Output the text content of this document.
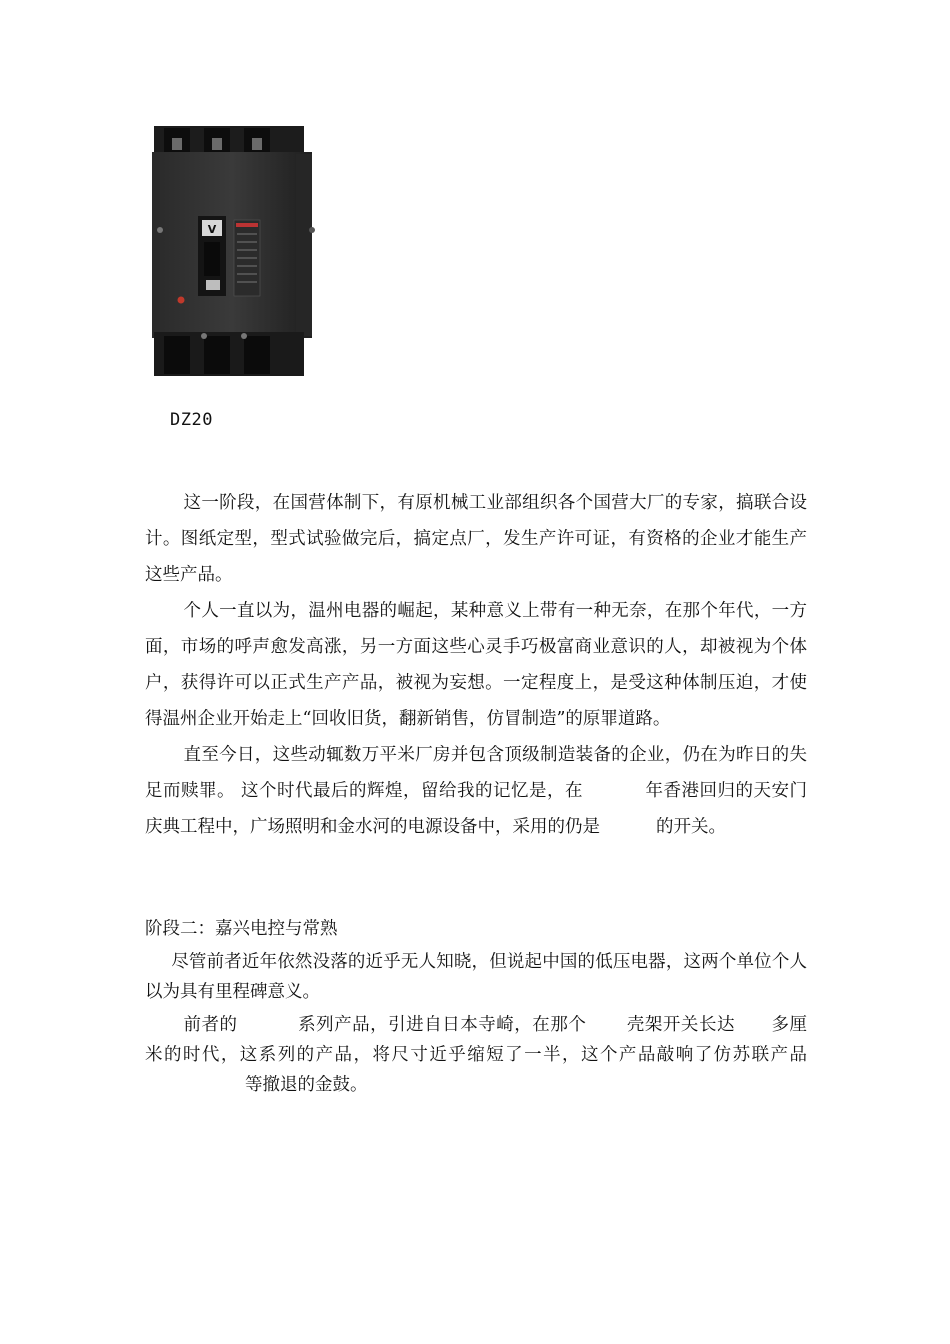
V
DZ20

这一阶段，在国营体制下，有原机械工业部组织各个国营大厂的专家，搞联合设计。图纸定型，型式试验做完后，搞定点厂，发生产许可证，有资格的企业才能生产这些产品。

个人一直以为，温州电器的崛起，某种意义上带有一种无奈，在那个年代，一方面，市场的呼声愈发高涨，另一方面这些心灵手巧极富商业意识的人，却被视为个体户，获得许可以正式生产产品，被视为妄想。一定程度上，是受这种体制压迫，才使得温州企业开始走上“回收旧货，翻新销售，仿冒制造”的原罪道路。

直至今日，这些动辄数万平米厂房并包含顶级制造装备的企业，仍在为昨日的失足而赎罪。 这个时代最后的辉煌，留给我的记忆是，在	年香港回归的天安门庆典工程中，广场照明和金水河的电源设备中，采用的仍是	的开关。

阶段二：嘉兴电控与常熟

尽管前者近年依然没落的近乎无人知晓，但说起中国的低压电器，这两个单位个人以为具有里程碑意义。

前者的	系列产品，引进自日本寺崎，在那个 壳架开关长达 多厘米的时代，这系列的产品，将尺寸近乎缩短了一半，这个产品敲响了仿苏联产品等撤退的金鼓。
